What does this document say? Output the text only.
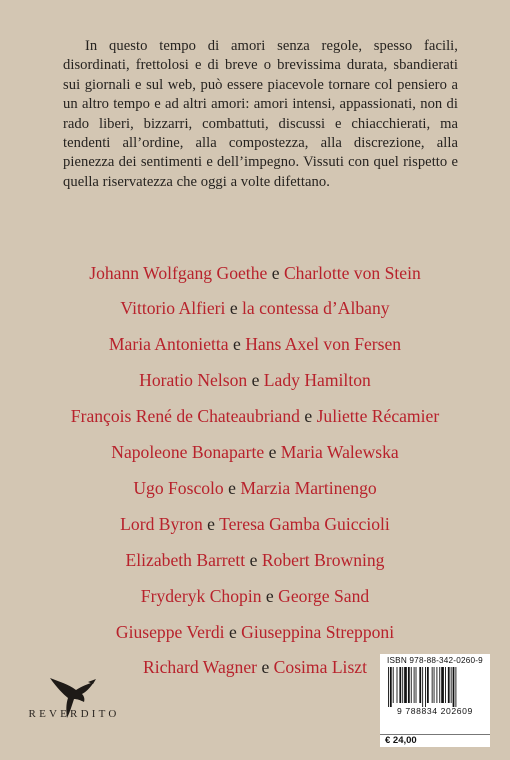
In questo tempo di amori senza regole, spesso facili, disordinati, frettolosi e di breve o brevissima durata, sbandierati sui giornali e sul web, può essere piacevole tornare col pensiero a un altro tempo e ad altri amori: amori intensi, appassionati, non di rado liberi, bizzarri, combattuti, discussi e chiacchierati, ma tendenti all’ordine, alla compostezza, alla discrezione, alla pienezza dei sentimenti e dell’impegno. Vissuti con quel rispetto e quella riservatezza che oggi a volte difettano.

Johann Wolfgang Goethe e Charlotte von Stein
Vittorio Alfieri e la contessa d’Albany
Maria Antonietta e Hans Axel von Fersen
Horatio Nelson e Lady Hamilton
François René de Chateaubriand e Juliette Récamier
Napoleone Bonaparte e Maria Walewska
Ugo Foscolo e Marzia Martinengo
Lord Byron e Teresa Gamba Guiccioli
Elizabeth Barrett e Robert Browning
Fryderyk Chopin e George Sand
Giuseppe Verdi e Giuseppina Strepponi
Richard Wagner e Cosima Liszt
REVERDITO
ISBN 978-88-342-0260-9
9 788834 202609
€ 24,00
